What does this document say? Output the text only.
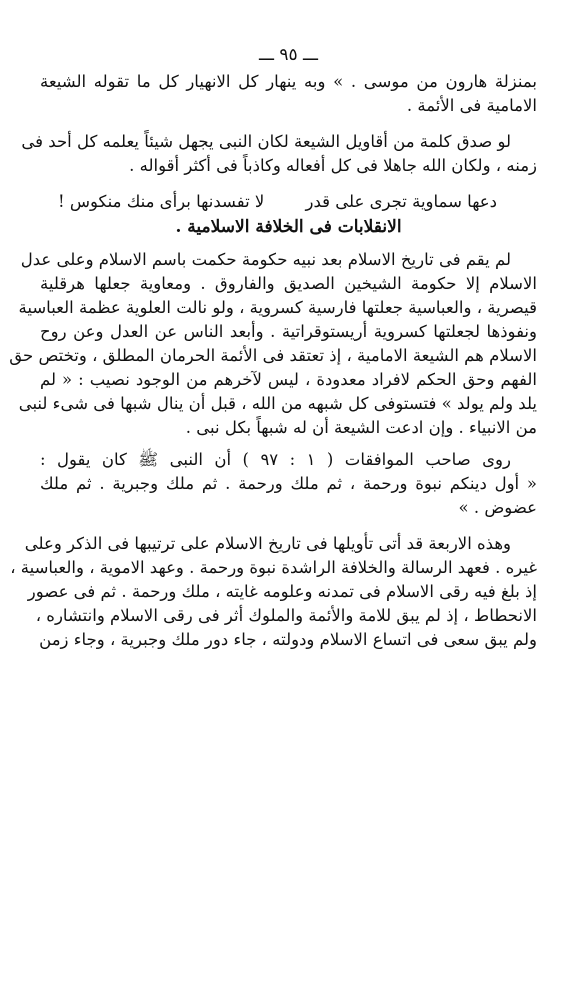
ـــ ٩٥ ـــ
بمنزلة هارون من موسى . » وبه ينهار كل الانهيار كل ما تقوله الشيعة
الامامية فى الأئمة .
لو صدق كلمة من أقاويل الشيعة لكان النبى يجهل شيئاً يعلمه كل أحد فى
زمنه ، ولكان الله جاهلا فى كل أفعاله وكاذباً فى أكثر أقواله .
دعها سماوية تجرى على قدر
لا تفسدنها برأى منك منكوس !
الانقلابات فى الخلافة الاسلامية .
لم يقم فى تاريخ الاسلام بعد نبيه حكومة حكمت باسم الاسلام وعلى عدل
الاسلام إلا حكومة الشيخين الصديق والفاروق . ومعاوية جعلها هرقلية
قيصرية ، والعباسية جعلتها فارسية كسروية ، ولو نالت العلوية عظمة العباسية
ونفوذها لجعلتها كسروية أريستوقراتية . وأبعد الناس عن العدل وعن روح
الاسلام هم الشيعة الامامية ، إذ تعتقد فى الأئمة الحرمان المطلق ، وتختص حق
الفهم وحق الحكم لافراد معدودة ، ليس لآخرهم من الوجود نصيب : « لم
يلد ولم يولد » فتستوفى كل شبهه من الله ، قبل أن ينال شبها فى شىء لنبى
من الانبياء . وإن ادعت الشيعة أن له شبهاً بكل نبى .
روى صاحب الموافقات ( ١ : ٩٧ ) أن النبى ﷺ كان يقول :
« أول دينكم نبوة ورحمة ، ثم ملك ورحمة . ثم ملك وجبرية . ثم ملك
عضوض . »
وهذه الاربعة قد أتى تأويلها فى تاريخ الاسلام على ترتيبها فى الذكر وعلى
غيره . فعهد الرسالة والخلافة الراشدة نبوة ورحمة . وعهد الاموية ، والعباسية ،
إذ بلغ فيه رقى الاسلام فى تمدنه وعلومه غايته ، ملك ورحمة . ثم فى عصور
الانحطاط ، إذ لم يبق للامة والأئمة والملوك أثر فى رقى الاسلام وانتشاره ،
ولم يبق سعى فى اتساع الاسلام ودولته ، جاء دور ملك وجبرية ، وجاء زمن
